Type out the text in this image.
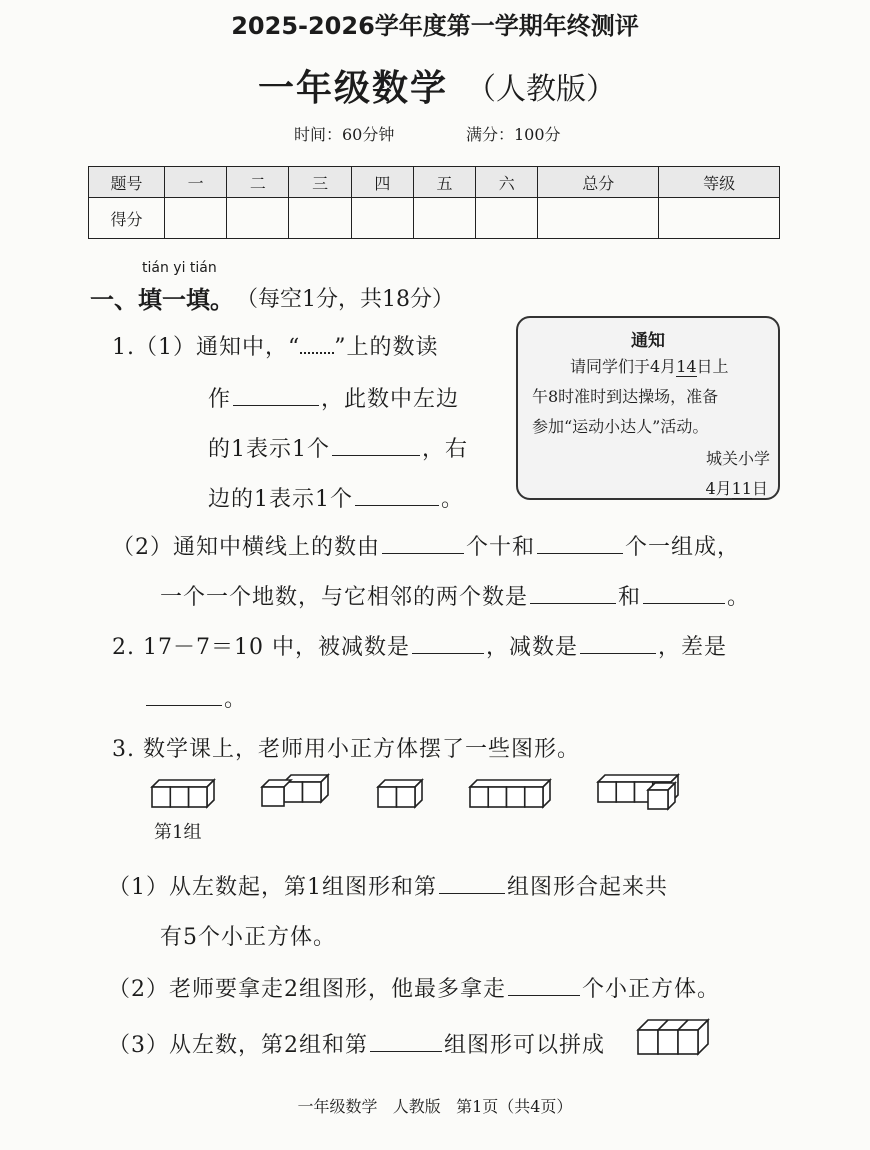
2025-2026学年度第一学期年终测评
一年级数学 （人教版）
时间：60分钟	满分：100分
题号	一	二	三	四	五	六	总分	等级
得分								
tián yi tián
一、填一填。 （每空1分，共18分）
1.（1）通知中，“ ”上的数读
作	，此数中左边
的1表示1个	，右
边的1表示1个	。
通知
请同学们于4月14日上
午8时准时到达操场，准备
参加“运动小达人”活动。
城关小学
4月11日
（2）通知中横线上的数由	个十和	个一组成，
一个一个地数，与它相邻的两个数是	和	。
2. 17－7＝10 中，被减数是	，减数是	，差是
。
3. 数学课上，老师用小正方体摆了一些图形。
第1组
（1）从左数起，第1组图形和第	组图形合起来共
有5个小正方体。
（2）老师要拿走2组图形，他最多拿走	个小正方体。
（3）从左数，第2组和第	组图形可以拼成
一年级数学   人教版   第1页（共4页）
